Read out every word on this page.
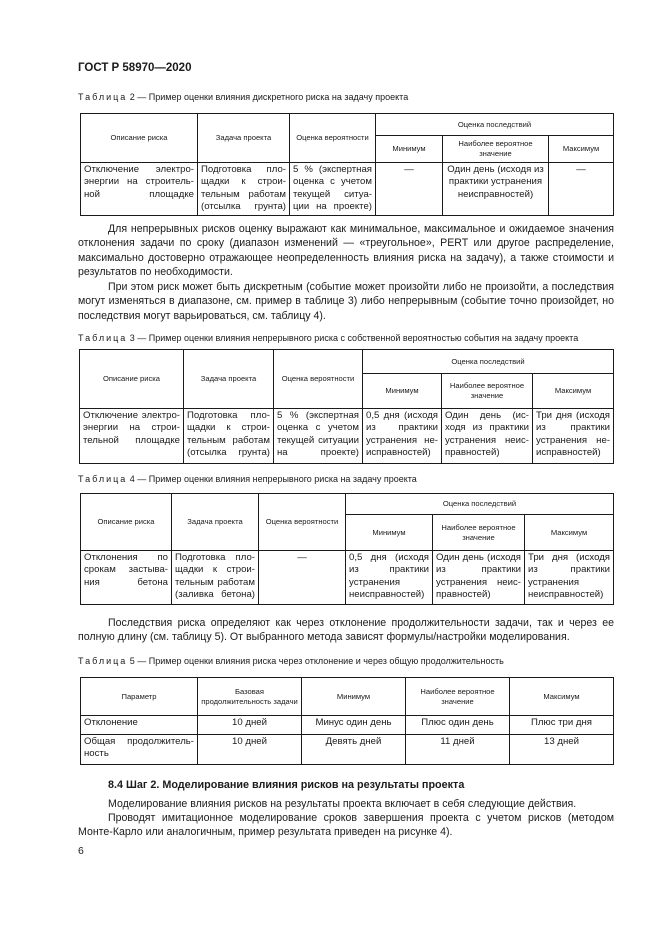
ГОСТ Р 58970—2020
Таблица 2 — Пример оценки влияния дискретного риска на задачу проекта
Описание риска	Задача проекта	Оценка вероятности	Оценка последствий		
			Минимум	Наиболее вероятное значение	Максимум
Отключение электроэнергии на строительной площадке	Подготовка площадки к строительным работам (отсылка грунта)	5 % (экспертная оценка с учетом текущей ситуации на проекте)	—	Один день (исходя из практики устранения неисправностей)	—

Для непрерывных рисков оценку выражают как минимальное, максимальное и ожидаемое значения отклонения задачи по сроку (диапазон изменений — «треугольное», PERT или другое распределение, максимально достоверно отражающее неопределенность влияния риска на задачу), а также стоимости и результатов по необходимости.

При этом риск может быть дискретным (событие может произойти либо не произойти, а последствия могут изменяться в диапазоне, см. пример в таблице 3) либо непрерывным (событие точно произойдет, но последствия могут варьироваться, см. таблицу 4).

Таблица 3 — Пример оценки влияния непрерывного риска с собственной вероятностью события на задачу проекта
Описание риска	Задача проекта	Оценка вероятности	Оценка последствий		
			Минимум	Наиболее вероятное значение	Максимум
Отключение электроэнергии на строительной площадке	Подготовка площадки к строительным работам (отсылка грунта)	5 % (экспертная оценка с учетом текущей ситуации на проекте)	0,5 дня (исходя из практики устранения неисправностей)	Один день (исходя из практики устранения неисправностей)	Три дня (исходя из практики устранения неисправностей)
Таблица 4 — Пример оценки влияния непрерывного риска на задачу проекта
Описание риска	Задача проекта	Оценка вероятности	Оценка последствий		
			Минимум	Наиболее вероятное значение	Максимум
Отклонения по срокам застывания бетона	Подготовка площадки к строительным работам (заливка бетона)	—	0,5 дня (исходя из практики устранения неисправностей)	Один день (исходя из практики устранения неисправностей)	Три дня (исходя из практики устранения неисправностей)

Последствия риска определяют как через отклонение продолжительности задачи, так и через ее полную длину (см. таблицу 5). От выбранного метода зависят формулы/настройки моделирования.

Таблица 5 — Пример оценки влияния риска через отклонение и через общую продолжительность
Параметр	Базовая продолжительность задачи	Минимум	Наиболее вероятное значение	Максимум
Отклонение	10 дней	Минус один день	Плюс один день	Плюс три дня
Общая продолжительность	10 дней	Девять дней	11 дней	13 дней
8.4 Шаг 2. Моделирование влияния рисков на результаты проекта

Моделирование влияния рисков на результаты проекта включает в себя следующие действия.

Проводят имитационное моделирование сроков завершения проекта с учетом рисков (методом Монте-Карло или аналогичным, пример результата приведен на рисунке 4).

6
